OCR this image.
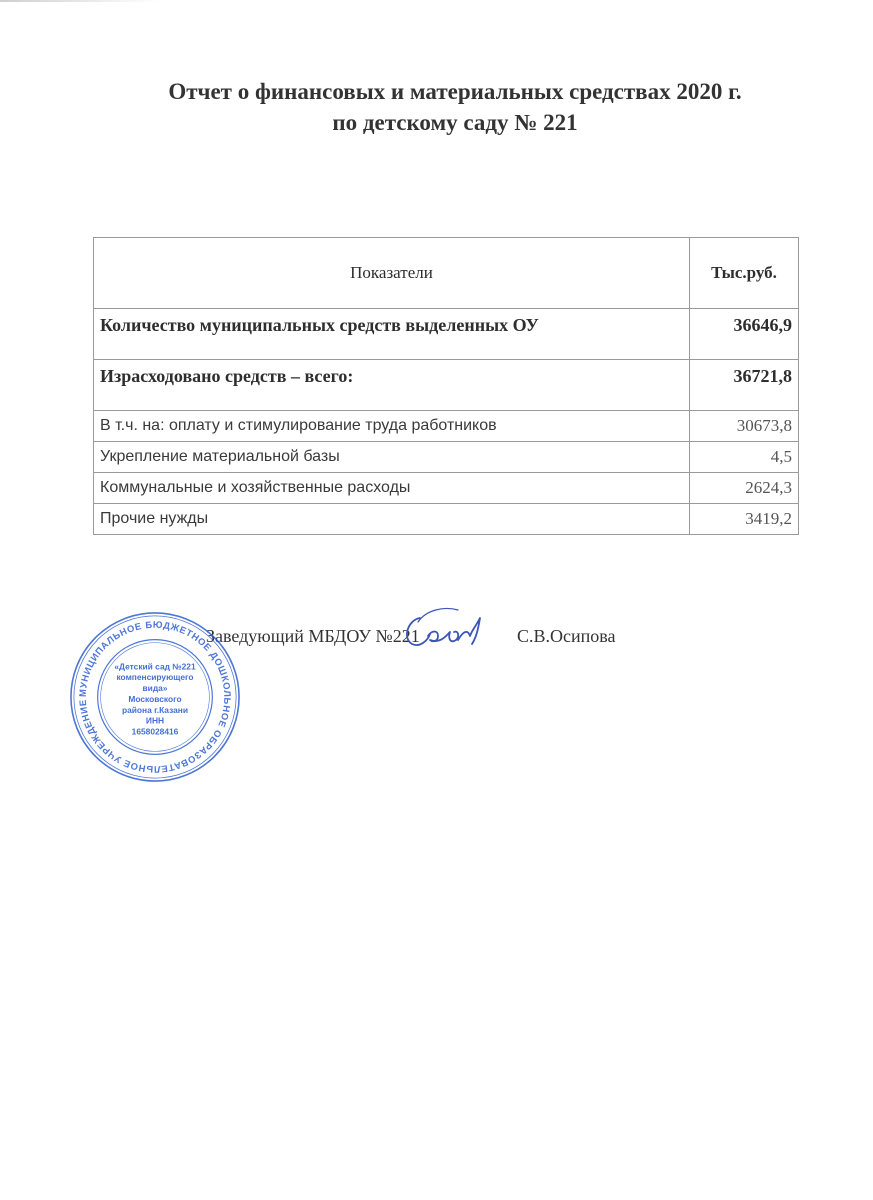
Отчет о финансовых и материальных средствах 2020 г.
по детскому саду № 221
Показатели	Тыс.руб.
Количество муниципальных средств выделенных ОУ	36646,9
Израсходовано средств – всего:	36721,8
В т.ч. на: оплату и стимулирование труда работников	30673,8
Укрепление материальной базы	4,5
Коммунальные и хозяйственные расходы	2624,3
Прочие нужды	3419,2
Заведующий МБДОУ №221	С.В.Осипова
МУНИЦИПАЛЬНОЕ БЮДЖЕТНОЕ ДОШКОЛЬНОЕ ОБРАЗОВАТЕЛЬНОЕ УЧРЕЖДЕНИЕ
«Детский сад №221
компенсирующего
вида»
Московского
района г.Казани
ИНН
1658028416
